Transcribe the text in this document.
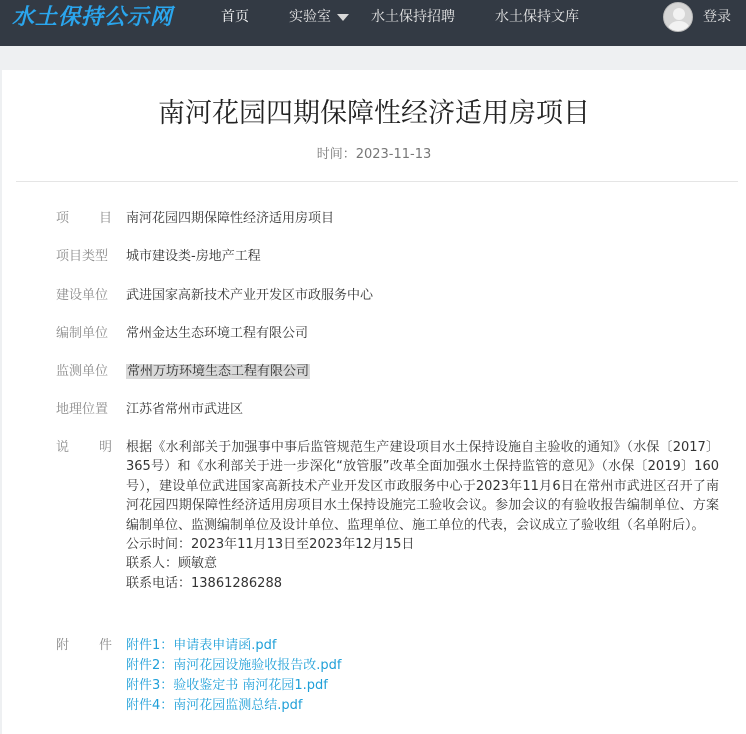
水土保持公示网	首页	实验室	水土保持招聘	水土保持文库	登录
南河花园四期保障性经济适用房项目
时间：2023-11-13
项 目 南河花园四期保障性经济适用房项目
项目类型	城市建设类-房地产工程
建设单位	武进国家高新技术产业开发区市政服务中心
编制单位	常州金达生态环境工程有限公司
监测单位	常州万坊环境生态工程有限公司
地理位置	江苏省常州市武进区
说 明 根据《水利部关于加强事中事后监管规范生产建设项目水土保持设施自主验收的通知》（水保〔2017〕365号）和《水利部关于进一步深化“放管服”改革全面加强水土保持监管的意见》（水保〔2019〕160号），建设单位武进国家高新技术产业开发区市政服务中心于2023年11月6日在常州市武进区召开了南河花园四期保障性经济适用房项目水土保持设施完工验收会议。参加会议的有验收报告编制单位、方案编制单位、监测编制单位及设计单位、监理单位、施工单位的代表，会议成立了验收组（名单附后）。

公示时间：2023年11月13日至2023年12月15日

联系人：顾敏意

联系电话：13861286288

附 件 附件1：申请表申请函.pdf
附件2：南河花园设施验收报告改.pdf
附件3：验收鉴定书 南河花园1.pdf
附件4：南河花园监测总结.pdf
